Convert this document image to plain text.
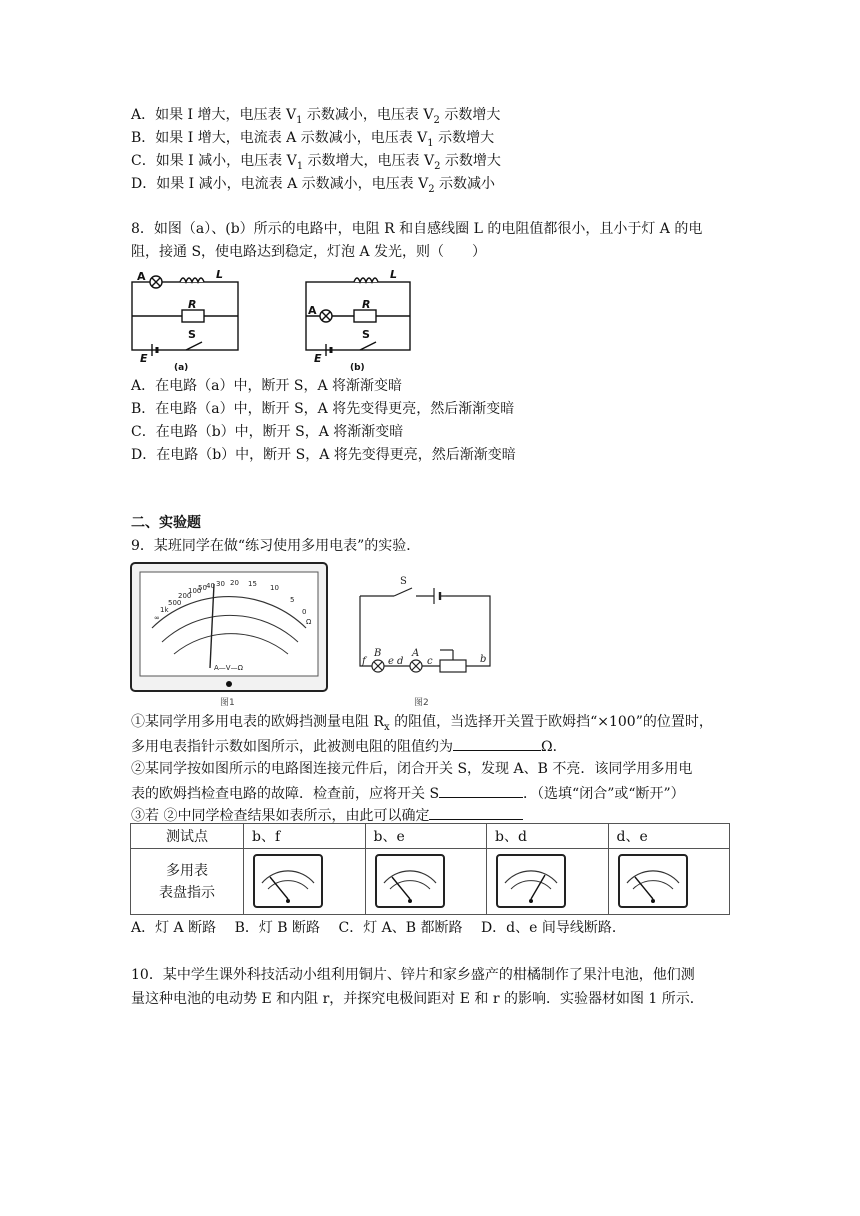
A．如果 I 增大，电压表 $V_1$ 示数减小，电压表 $V_2$ 示数增大
B．如果 I 增大，电流表 A 示数减小，电压表 $V_1$ 示数增大
C．如果 I 减小，电压表 $V_1$ 示数增大，电压表 $V_2$ 示数增大
D．如果 I 减小，电流表 A 示数减小，电压表 $V_2$ 示数减小
8．如图（a）、(b）所示的电路中，电阻 R 和自感线圈 L 的电阻值都很小，且小于灯 A 的电
阻，接通 S，使电路达到稳定，灯泡 A 发光，则（　　）
A	L
R
S
E
(a)
A
L
R
S
E
(b)
A．在电路（a）中，断开 S，A 将渐渐变暗
B．在电路（a）中，断开 S，A 将先变得更亮，然后渐渐变暗
C．在电路（b）中，断开 S，A 将渐渐变暗
D．在电路（b）中，断开 S，A 将先变得更亮，然后渐渐变暗
二、实验题
9．某班同学在做“练习使用多用电表”的实验．
∞
1k
500
200
100
50 40 30 20 15 10
5
0
Ω
A—V—Ω
图1
S
B	A
f e d c	b
图2
①某同学用多用电表的欧姆挡测量电阻 $R_x$ 的阻值，当选择开关置于欧姆挡“×100”的位置时，
多用电表指针示数如图所示，此被测电阻的阻值约为	Ω．
②某同学按如图所示的电路图连接元件后，闭合开关 S，发现 A、B 不亮．该同学用多用电
表的欧姆挡检查电路的故障．检查前，应将开关 S	．（选填“闭合”或“断开”）
③若 ②中同学检查结果如表所示，由此可以确定
测试点	b、f	b、e	b、d	d、e
多用表
表盘指示	

A．灯 A 断路　 B．灯 B 断路　 C．灯 A、B 都断路　 D．d、e 间导线断路．
10．某中学生课外科技活动小组利用铜片、锌片和家乡盛产的柑橘制作了果汁电池，他们测
量这种电池的电动势 E 和内阻 r，并探究电极间距对 E 和 r 的影响．实验器材如图 1 所示．
